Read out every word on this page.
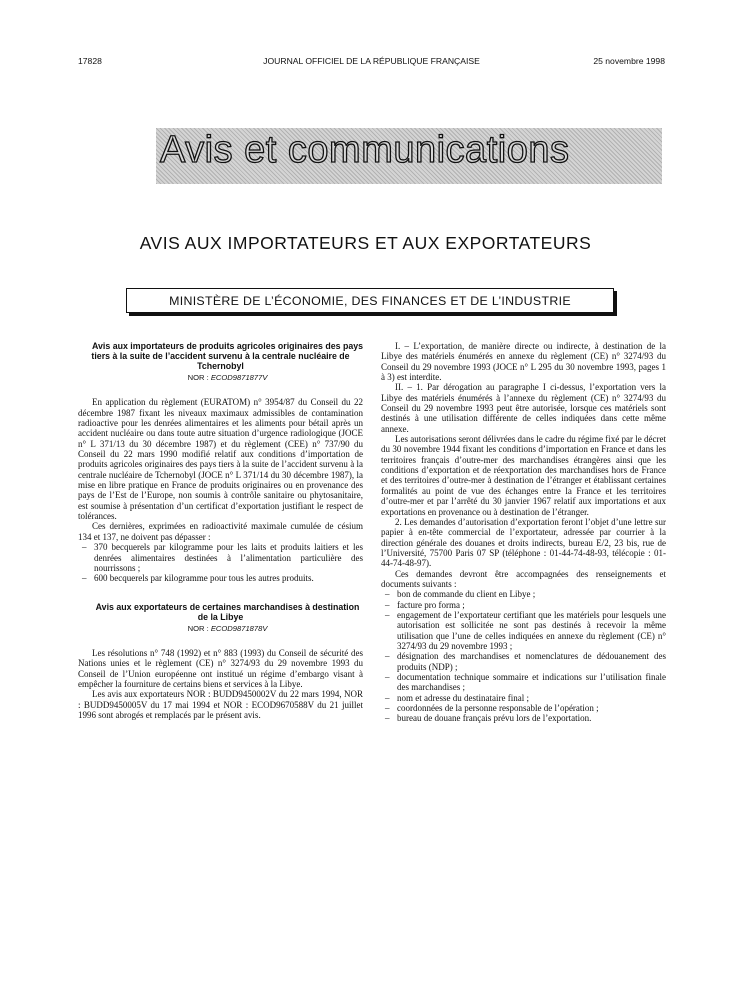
17828	JOURNAL OFFICIEL DE LA RÉPUBLIQUE FRANÇAISE	25 novembre 1998
Avis et communications
AVIS AUX IMPORTATEURS ET AUX EXPORTATEURS
MINISTÈRE DE L’ÉCONOMIE, DES FINANCES ET DE L’INDUSTRIE

Avis aux importateurs de produits agricoles originaires des pays tiers à la suite de l’accident survenu à la centrale nucléaire de Tchernobyl

NOR : ECOD9871877V

En application du règlement (EURATOM) n° 3954/87 du Conseil du 22 décembre 1987 fixant les niveaux maximaux admissibles de contamination radioactive pour les denrées alimentaires et les aliments pour bétail après un accident nucléaire ou dans toute autre situation d’urgence radiologique (JOCE n° L 371/13 du 30 décembre 1987) et du règlement (CEE) n° 737/90 du Conseil du 22 mars 1990 modifié relatif aux conditions d’importation de produits agricoles originaires des pays tiers à la suite de l’accident survenu à la centrale nucléaire de Tchernobyl (JOCE n° L 371/14 du 30 décembre 1987), la mise en libre pratique en France de produits originaires ou en provenance des pays de l’Est de l’Europe, non soumis à contrôle sanitaire ou phytosanitaire, est soumise à présentation d’un certificat d’exportation justifiant le respect de tolérances.

Ces dernières, exprimées en radioactivité maximale cumulée de césium 134 et 137, ne doivent pas dépasser :

– 370 becquerels par kilogramme pour les laits et produits laitiers et les denrées alimentaires destinées à l’alimentation particulière des nourrissons ;
– 600 becquerels par kilogramme pour tous les autres produits.

Avis aux exportateurs de certaines marchandises à destination de la Libye

NOR : ECOD9871878V

Les résolutions n° 748 (1992) et n° 883 (1993) du Conseil de sécurité des Nations unies et le règlement (CE) n° 3274/93 du 29 novembre 1993 du Conseil de l’Union européenne ont institué un régime d’embargo visant à empêcher la fourniture de certains biens et services à la Libye.

Les avis aux exportateurs NOR : BUDD9450002V du 22 mars 1994, NOR : BUDD9450005V du 17 mai 1994 et NOR : ECOD9670588V du 21 juillet 1996 sont abrogés et remplacés par le présent avis.

I. – L’exportation, de manière directe ou indirecte, à destination de la Libye des matériels énumérés en annexe du règlement (CE) n° 3274/93 du Conseil du 29 novembre 1993 (JOCE n° L 295 du 30 novembre 1993, pages 1 à 3) est interdite.

II. – 1. Par dérogation au paragraphe I ci-dessus, l’exportation vers la Libye des matériels énumérés à l’annexe du règlement (CE) n° 3274/93 du Conseil du 29 novembre 1993 peut être autorisée, lorsque ces matériels sont destinés à une utilisation différente de celles indiquées dans cette même annexe.

Les autorisations seront délivrées dans le cadre du régime fixé par le décret du 30 novembre 1944 fixant les conditions d’importation en France et dans les territoires français d’outre-mer des marchandises étrangères ainsi que les conditions d’exportation et de réexportation des marchandises hors de France et des territoires d’outre-mer à destination de l’étranger et établissant certaines formalités au point de vue des échanges entre la France et les territoires d’outre-mer et par l’arrêté du 30 janvier 1967 relatif aux importations et aux exportations en provenance ou à destination de l’étranger.

2. Les demandes d’autorisation d’exportation feront l’objet d’une lettre sur papier à en-tête commercial de l’exportateur, adressée par courrier à la direction générale des douanes et droits indirects, bureau E/2, 23 bis, rue de l’Université, 75700 Paris 07 SP (téléphone : 01-44-74-48-93, télécopie : 01-44-74-48-97).

Ces demandes devront être accompagnées des renseignements et documents suivants :

– bon de commande du client en Libye ;
– facture pro forma ;
– engagement de l’exportateur certifiant que les matériels pour lesquels une autorisation est sollicitée ne sont pas destinés à recevoir la même utilisation que l’une de celles indiquées en annexe du règlement (CE) n° 3274/93 du 29 novembre 1993 ;
– désignation des marchandises et nomenclatures de dédouanement des produits (NDP) ;
– documentation technique sommaire et indications sur l’utilisation finale des marchandises ;
– nom et adresse du destinataire final ;
– coordonnées de la personne responsable de l’opération ;
– bureau de douane français prévu lors de l’exportation.
